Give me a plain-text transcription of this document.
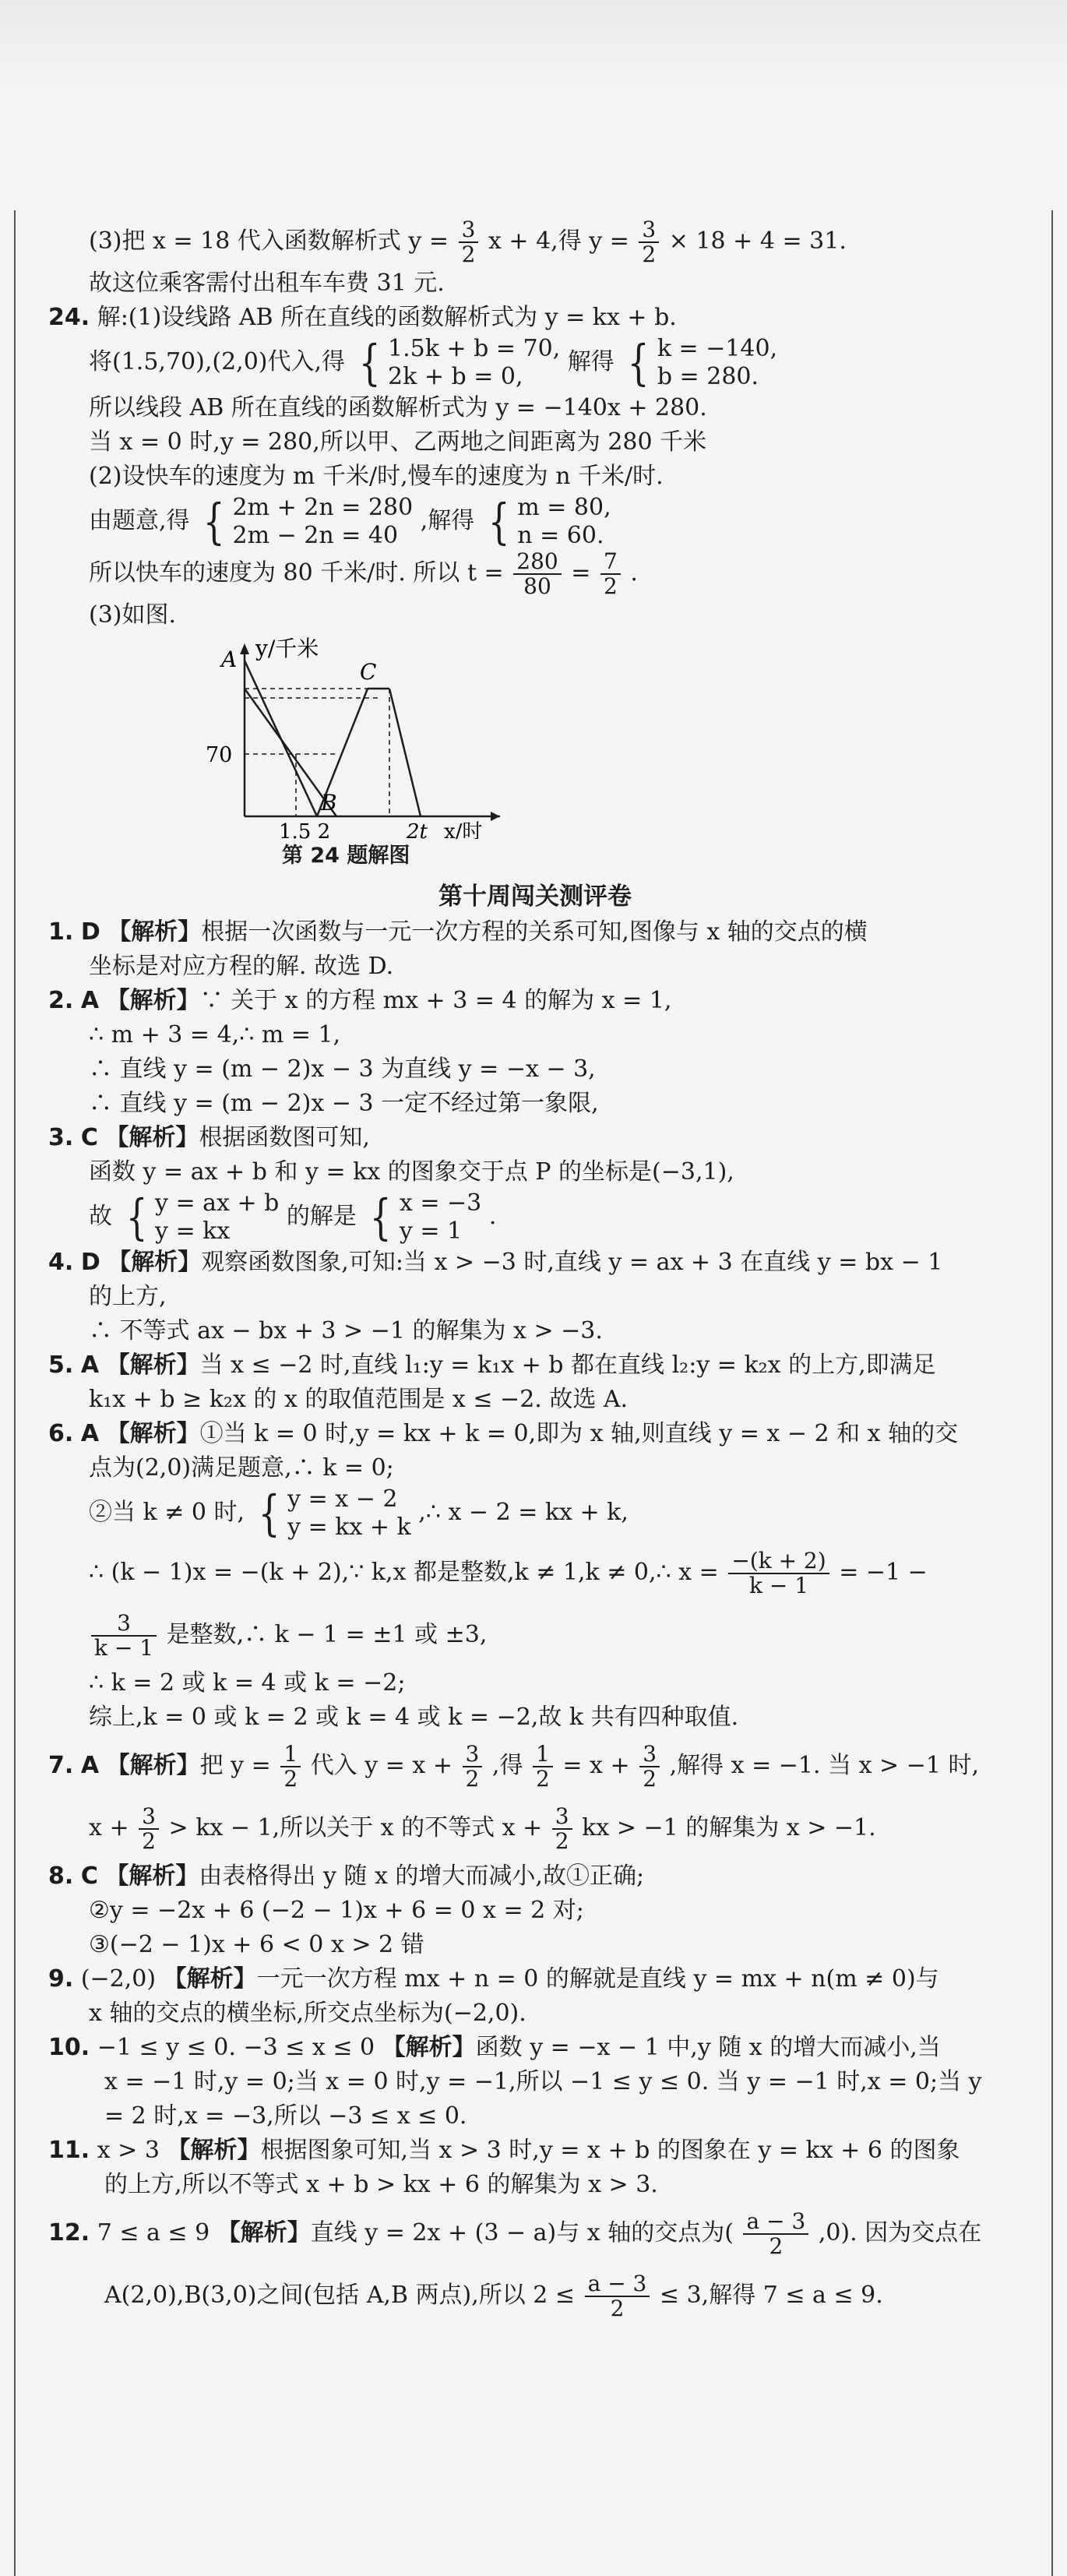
(3)把 x = 18 代入函数解析式 $y = \frac{3}{2}$ x + 4,得 $y = \frac{3}{2} \times 18 + 4 = 31$.
故这位乘客需付出租车车费 31 元.
24. 解:(1)设线路 AB 所在直线的函数解析式为 y = kx + b.
将(1.5,70),(2,0)代入,得 { 1.5k + b = 70,
2k + b = 0,
解得 { k = −140,
b = 280.
所以线段 AB 所在直线的函数解析式为 y = −140x + 280.
当 x = 0 时,y = 280,所以甲、乙两地之间距离为 280 千米
(2)设快车的速度为 m 千米/时,慢车的速度为 n 千米/时.
由题意,得 { 2m + 2n = 280
2m − 2n = 40
,解得 { m = 80,
n = 60.
所以快车的速度为 80 千米/时. 所以 $t = \frac{280}{80} = \frac{7}{2}$ .
(3)如图.
y/千米
A
B
C
70
1.5 2	2t x/时
第 24 题解图
第十周闯关测评卷
1. D 【解析】根据一次函数与一元一次方程的关系可知,图像与 x 轴的交点的横
坐标是对应方程的解. 故选 D.
2. A 【解析】∵ 关于 x 的方程 mx + 3 = 4 的解为 x = 1,
∴ m + 3 = 4,∴ m = 1,
∴ 直线 y = (m − 2)x − 3 为直线 y = −x − 3,
∴ 直线 y = (m − 2)x − 3 一定不经过第一象限,
3. C 【解析】根据函数图可知,
函数 y = ax + b 和 y = kx 的图象交于点 P 的坐标是(−3,1),
故 { y = ax + b
y = kx
的解是 { x = −3
y = 1
.
4. D 【解析】观察函数图象,可知:当 x > −3 时,直线 y = ax + 3 在直线 y = bx − 1
的上方,
∴ 不等式 ax − bx + 3 > −1 的解集为 x > −3.
5. A 【解析】当 x ≤ −2 时,直线 l₁:y = k₁x + b 都在直线 l₂:y = k₂x 的上方,即满足
k₁x + b ≥ k₂x 的 x 的取值范围是 x ≤ −2. 故选 A.
6. A 【解析】①当 k = 0 时,y = kx + k = 0,即为 x 轴,则直线 y = x − 2 和 x 轴的交
点为(2,0)满足题意,∴ k = 0;
②当 k ≠ 0 时, { y = x − 2
y = kx + k
,∴ x − 2 = kx + k,
∴ (k − 1)x = −(k + 2),∵ k,x 都是整数,k ≠ 1,k ≠ 0,∴ $x = \frac{-(k + 2)}{k - 1} = -1$ −
$\frac{3}{k - 1}$ 是整数,∴ k − 1 = ±1 或 ±3,
∴ k = 2 或 k = 4 或 k = −2;
综上,k = 0 或 k = 2 或 k = 4 或 k = −2,故 k 共有四种取值.
7. A 【解析】把 $y = \frac{1}{2}$ 代入 $y = x + \frac{3}{2}$ ,得 $\frac{1}{2} = x + \frac{3}{2}$ ,解得 x = −1. 当 x > −1 时,
$x + \frac{3}{2}$ > kx − 1,所以关于 x 的不等式 $x + \frac{3}{2}$ kx > −1 的解集为 x > −1.
8. C 【解析】由表格得出 y 随 x 的增大而减小,故①正确;
②y = −2x + 6 (−2 − 1)x + 6 = 0 x = 2 对;
③(−2 − 1)x + 6 < 0 x > 2 错
9. (−2,0) 【解析】一元一次方程 mx + n = 0 的解就是直线 y = mx + n(m ≠ 0)与
x 轴的交点的横坐标,所交点坐标为(−2,0).
10. −1 ≤ y ≤ 0. −3 ≤ x ≤ 0 【解析】函数 y = −x − 1 中,y 随 x 的增大而减小,当
x = −1 时,y = 0;当 x = 0 时,y = −1,所以 −1 ≤ y ≤ 0. 当 y = −1 时,x = 0;当 y
= 2 时,x = −3,所以 −3 ≤ x ≤ 0.
11. x > 3 【解析】根据图象可知,当 x > 3 时,y = x + b 的图象在 y = kx + 6 的图象
的上方,所以不等式 x + b > kx + 6 的解集为 x > 3.
12. 7 ≤ a ≤ 9 【解析】直线 y = 2x + (3 − a)与 x 轴的交点为( $\frac{a - 3}{2} ,0$). 因为交点在
A(2,0),B(3,0)之间(包括 A,B 两点),所以 $2 \le \frac{a - 3}{2} \le 3$,解得 7 ≤ a ≤ 9.
